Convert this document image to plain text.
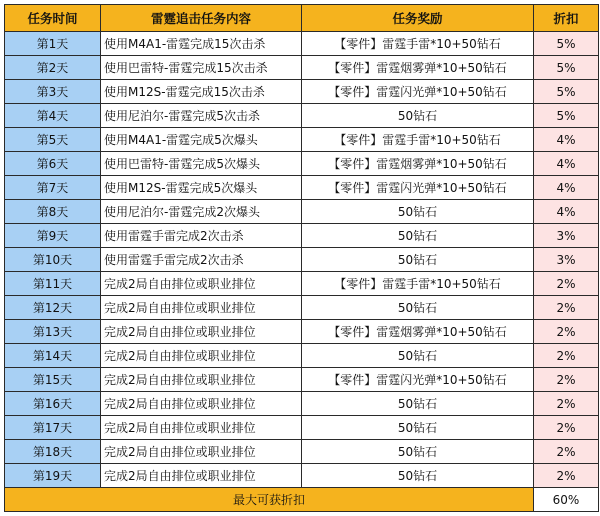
任务时间	雷霆追击任务内容	任务奖励	折扣
第1天	使用M4A1-雷霆完成15次击杀	【零件】雷霆手雷*10+50钻石	5%
第2天	使用巴雷特-雷霆完成15次击杀	【零件】雷霆烟雾弹*10+50钻石	5%
第3天	使用M12S-雷霆完成15次击杀	【零件】雷霆闪光弹*10+50钻石	5%
第4天	使用尼泊尔-雷霆完成5次击杀	50钻石	5%
第5天	使用M4A1-雷霆完成5次爆头	【零件】雷霆手雷*10+50钻石	4%
第6天	使用巴雷特-雷霆完成5次爆头	【零件】雷霆烟雾弹*10+50钻石	4%
第7天	使用M12S-雷霆完成5次爆头	【零件】雷霆闪光弹*10+50钻石	4%
第8天	使用尼泊尔-雷霆完成2次爆头	50钻石	4%
第9天	使用雷霆手雷完成2次击杀	50钻石	3%
第10天	使用雷霆手雷完成2次击杀	50钻石	3%
第11天	完成2局自由排位或职业排位	【零件】雷霆手雷*10+50钻石	2%
第12天	完成2局自由排位或职业排位	50钻石	2%
第13天	完成2局自由排位或职业排位	【零件】雷霆烟雾弹*10+50钻石	2%
第14天	完成2局自由排位或职业排位	50钻石	2%
第15天	完成2局自由排位或职业排位	【零件】雷霆闪光弹*10+50钻石	2%
第16天	完成2局自由排位或职业排位	50钻石	2%
第17天	完成2局自由排位或职业排位	50钻石	2%
第18天	完成2局自由排位或职业排位	50钻石	2%
第19天	完成2局自由排位或职业排位	50钻石	2%
最大可获折扣			60%
